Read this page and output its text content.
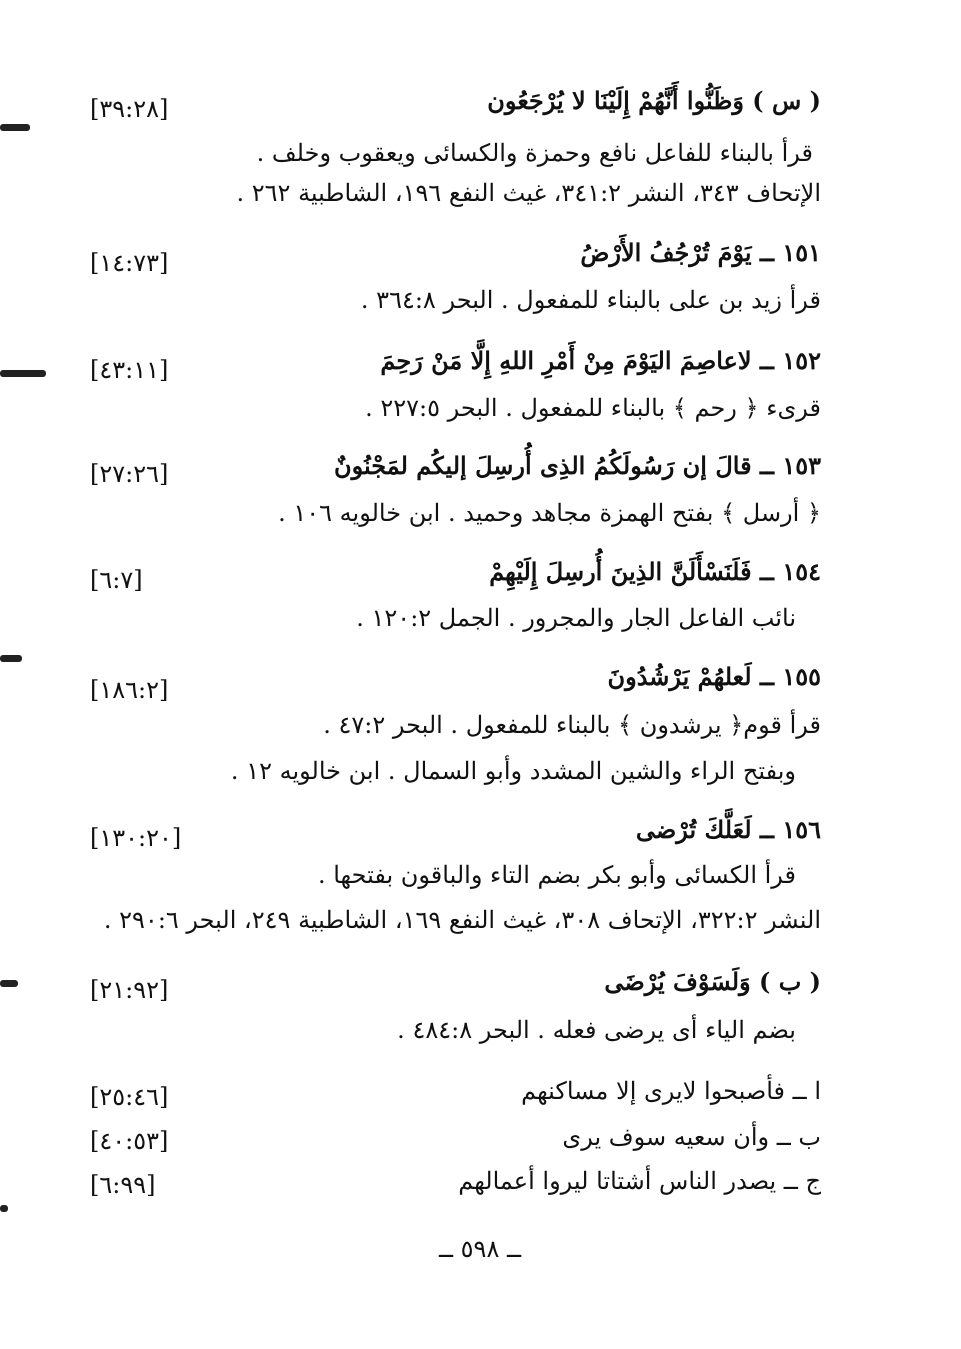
( س ) وَظَنُّوا أَنَّهُمْ إِلَيْنَا لا يُرْجَعُون
[٣٩:٢٨]
قرأ بالبناء للفاعل نافع وحمزة والكسائى ويعقوب وخلف .
الإتحاف ٣٤٣، النشر ٣٤١:٢، غيث النفع ١٩٦، الشاطبية ٢٦٢ .
١٥١ ــ يَوْمَ تُرْجُفُ الأَرْضُ
[١٤:٧٣]
قرأ زيد بن على بالبناء للمفعول . البحر ٣٦٤:٨ .
١٥٢ ــ لاعاصِمَ اليَوْمَ مِنْ أَمْرِ اللهِ إِلَّا مَنْ رَحِمَ
[٤٣:١١]
قرىء ﴿ رحم ﴾ بالبناء للمفعول . البحر ٢٢٧:٥ .
١٥٣ ــ قالَ إن رَسُولَكُمُ الذِى أُرسِلَ إليكُم لمَجْنُونٌ
[٢٧:٢٦]
﴿ أرسل ﴾ بفتح الهمزة مجاهد وحميد . ابن خالويه ١٠٦ .
١٥٤ ــ فَلَنَسْأَلَنَّ الذِينَ أُرسِلَ إِلَيْهِمْ
[٦:٧]
نائب الفاعل الجار والمجرور . الجمل ١٢٠:٢ .
١٥٥ ــ لَعلهُمْ يَرْشُدُونَ
[١٨٦:٢]
قرأ قوم﴿ يرشدون ﴾ بالبناء للمفعول . البحر ٤٧:٢ .
وبفتح الراء والشين المشدد وأبو السمال . ابن خالويه ١٢ .
١٥٦ ــ لَعَلَّكَ تُرْضى
[١٣٠:٢٠]
قرأ الكسائى وأبو بكر بضم التاء والباقون بفتحها .
النشر ٣٢٢:٢، الإتحاف ٣٠٨، غيث النفع ١٦٩، الشاطبية ٢٤٩، البحر ٢٩٠:٦ .
( ب ) وَلَسَوْفَ يُرْضَى
[٢١:٩٢]
بضم الياء أى يرضى فعله . البحر ٤٨٤:٨ .
ا ــ فأصبحوا لايرى إلا مساكنهم
[٢٥:٤٦]
ب ــ وأن سعيه سوف يرى
[٤٠:٥٣]
ج ــ يصدر الناس أشتاتا ليروا أعمالهم
[٦:٩٩]
ــ ٥٩٨ ــ
